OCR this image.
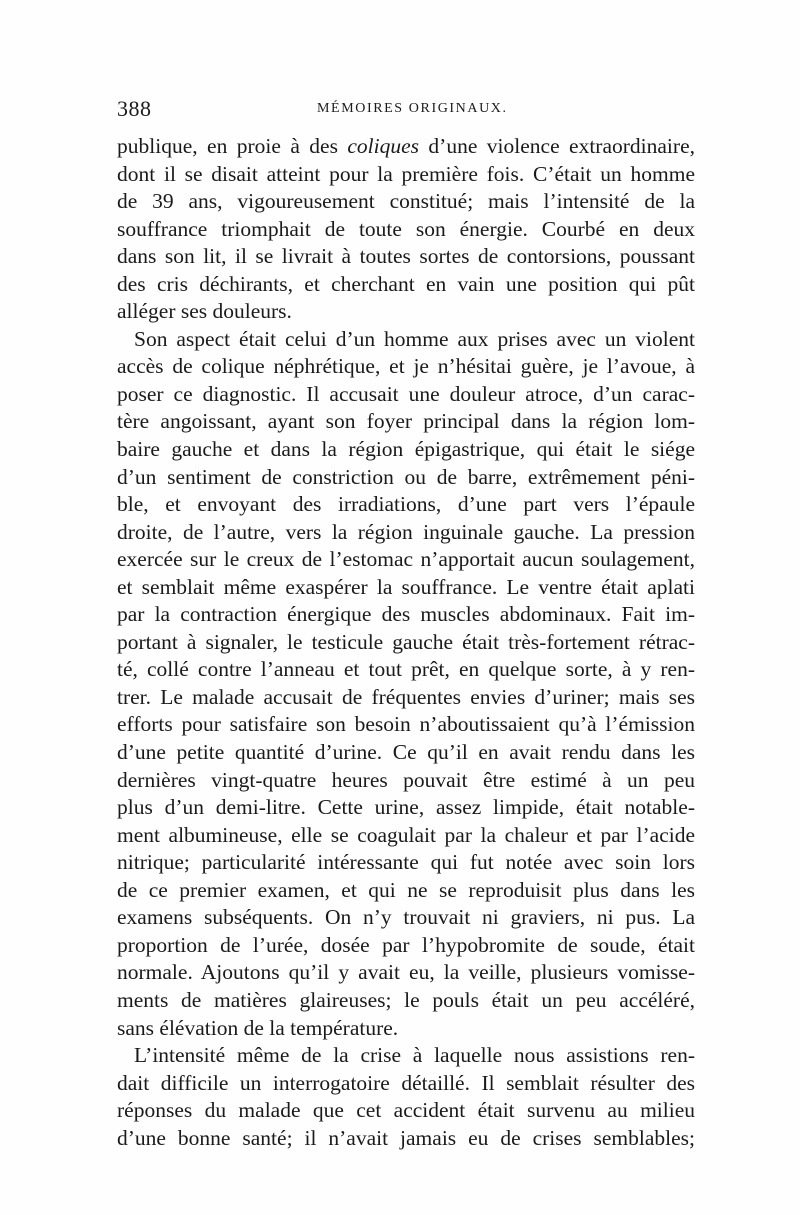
388	MÉMOIRES ORIGINAUX.
publique, en proie à des coliques d’une violence extraordinaire,
dont il se disait atteint pour la première fois. C’était un homme
de 39 ans, vigoureusement constitué; mais l’intensité de la
souffrance triomphait de toute son énergie. Courbé en deux
dans son lit, il se livrait à toutes sortes de contorsions, poussant
des cris déchirants, et cherchant en vain une position qui pût
alléger ses douleurs.
Son aspect était celui d’un homme aux prises avec un violent
accès de colique néphrétique, et je n’hésitai guère, je l’avoue, à
poser ce diagnostic. Il accusait une douleur atroce, d’un carac-
tère angoissant, ayant son foyer principal dans la région lom-
baire gauche et dans la région épigastrique, qui était le siége
d’un sentiment de constriction ou de barre, extrêmement péni-
ble, et envoyant des irradiations, d’une part vers l’épaule
droite, de l’autre, vers la région inguinale gauche. La pression
exercée sur le creux de l’estomac n’apportait aucun soulagement,
et semblait même exaspérer la souffrance. Le ventre était aplati
par la contraction énergique des muscles abdominaux. Fait im-
portant à signaler, le testicule gauche était très-fortement rétrac-
té, collé contre l’anneau et tout prêt, en quelque sorte, à y ren-
trer. Le malade accusait de fréquentes envies d’uriner; mais ses
efforts pour satisfaire son besoin n’aboutissaient qu’à l’émission
d’une petite quantité d’urine. Ce qu’il en avait rendu dans les
dernières vingt-quatre heures pouvait être estimé à un peu
plus d’un demi-litre. Cette urine, assez limpide, était notable-
ment albumineuse, elle se coagulait par la chaleur et par l’acide
nitrique; particularité intéressante qui fut notée avec soin lors
de ce premier examen, et qui ne se reproduisit plus dans les
examens subséquents. On n’y trouvait ni graviers, ni pus. La
proportion de l’urée, dosée par l’hypobromite de soude, était
normale. Ajoutons qu’il y avait eu, la veille, plusieurs vomisse-
ments de matières glaireuses; le pouls était un peu accéléré,
sans élévation de la température.
L’intensité même de la crise à laquelle nous assistions ren-
dait difficile un interrogatoire détaillé. Il semblait résulter des
réponses du malade que cet accident était survenu au milieu
d’une bonne santé; il n’avait jamais eu de crises semblables;
